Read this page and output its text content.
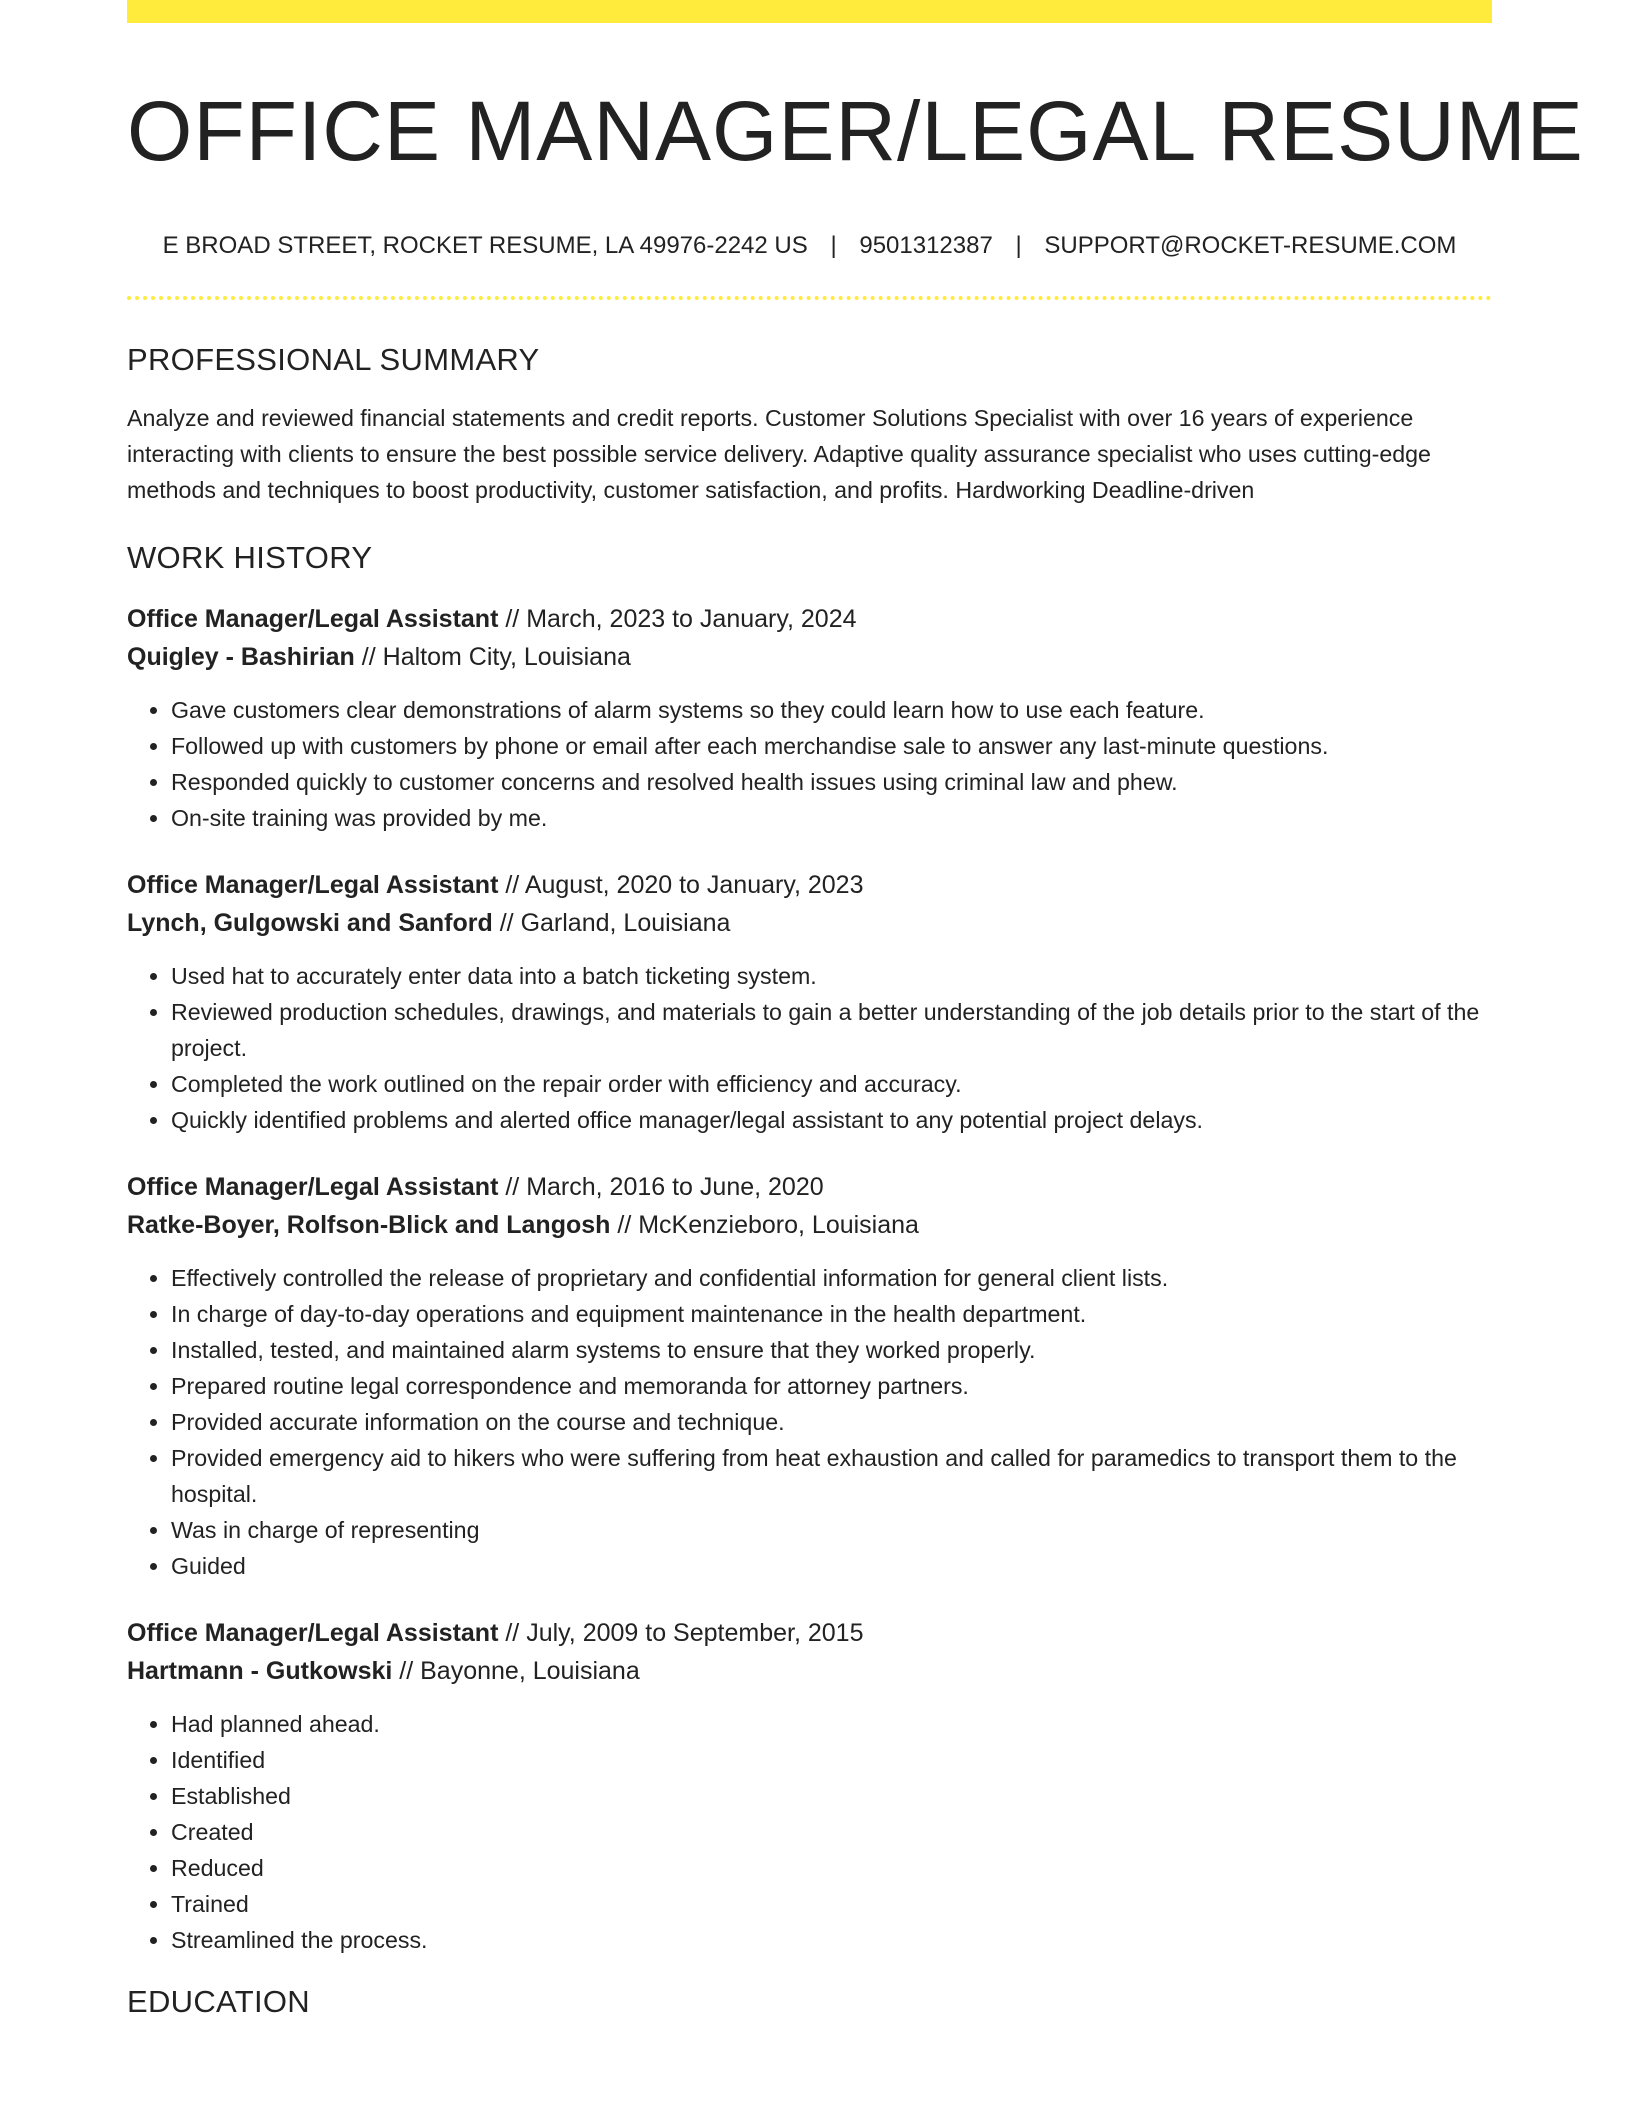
OFFICE MANAGER/LEGAL RESUME
E BROAD STREET, ROCKET RESUME, LA 49976-2242 US | 9501312387 | SUPPORT@ROCKET-RESUME.COM
PROFESSIONAL SUMMARY
Analyze and reviewed financial statements and credit reports. Customer Solutions Specialist with over 16 years of experience interacting with clients to ensure the best possible service delivery. Adaptive quality assurance specialist who uses cutting-edge methods and techniques to boost productivity, customer satisfaction, and profits. Hardworking Deadline-driven
WORK HISTORY
Office Manager/Legal Assistant // March, 2023 to January, 2024
Quigley - Bashirian // Haltom City, Louisiana
• Gave customers clear demonstrations of alarm systems so they could learn how to use each feature.
• Followed up with customers by phone or email after each merchandise sale to answer any last-minute questions.
• Responded quickly to customer concerns and resolved health issues using criminal law and phew.
• On-site training was provided by me.
Office Manager/Legal Assistant // August, 2020 to January, 2023
Lynch, Gulgowski and Sanford // Garland, Louisiana
• Used hat to accurately enter data into a batch ticketing system.
• Reviewed production schedules, drawings, and materials to gain a better understanding of the job details prior to the start of the project.
• Completed the work outlined on the repair order with efficiency and accuracy.
• Quickly identified problems and alerted office manager/legal assistant to any potential project delays.
Office Manager/Legal Assistant // March, 2016 to June, 2020
Ratke-Boyer, Rolfson-Blick and Langosh // McKenzieboro, Louisiana
• Effectively controlled the release of proprietary and confidential information for general client lists.
• In charge of day-to-day operations and equipment maintenance in the health department.
• Installed, tested, and maintained alarm systems to ensure that they worked properly.
• Prepared routine legal correspondence and memoranda for attorney partners.
• Provided accurate information on the course and technique.
• Provided emergency aid to hikers who were suffering from heat exhaustion and called for paramedics to transport them to the hospital.
• Was in charge of representing
• Guided
Office Manager/Legal Assistant // July, 2009 to September, 2015
Hartmann - Gutkowski // Bayonne, Louisiana
• Had planned ahead.
• Identified
• Established
• Created
• Reduced
• Trained
• Streamlined the process.
EDUCATION
